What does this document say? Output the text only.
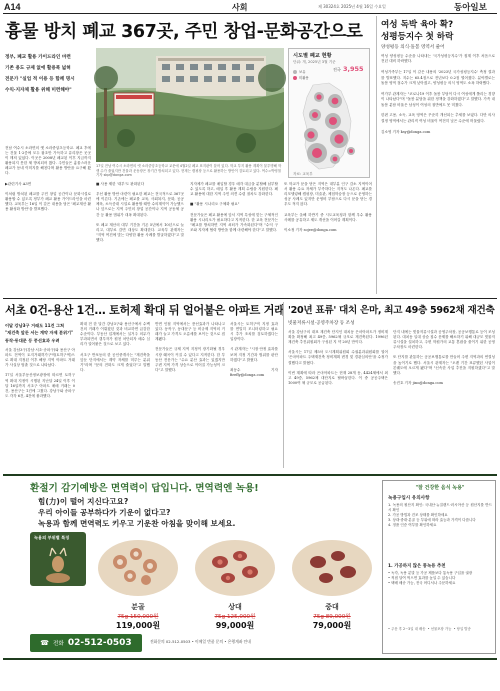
A14	사회	제 30324호 2025년 4월 16일 수요일	동아일보
흉물 방치 폐교 367곳, 주민 창업-문화공간으로
정부, 폐교 활용 가이드라인 마련
기존 용도 규제 없애 활용폭 넓혀
전문가 "실업 적 이용 등 함께 명시
수익·지자체 활용 위해 미련해야"
17일 전남 여수시 소라면의 옛 소라중앙초등학교 교문에 4월2일 폐교 표지판이 붙어 있다. 학교 부지 활용 계획이 불투명해 학생 수가 줄었지만 건물과 운동장은 장기간 방치되고 있다. 현재는 캠핑장 등으로 활용하는 방안이 검토되고 있다. 여수=박영철 기자 skp@donga.com
전남 여수시 소라면의 옛 소라중앙초등학교. 폐교 후에는 건물 1·2층에 모두 잡초만 가득하고 유리창은 곳곳이 깨져 있었다. 이곳은 2008년 폐교된 이후 지금까지 활용되지 못한 채 방치되어 왔다. 주민들은 흉물스러운 폐교가 동네 이미지를 해친다며 활용 방안을 요구해 왔다.

▶관련기사 A3면

이처럼 방치된 폐교를 주민 창업 공간이나 문화시설로 활용할 수 있도록 정부가 폐교 활용 가이드라인을 마련했다. 교육부는 16일 이 같은 내용을 담은 '폐교재산 활용 활성화 방안'을 발표했다.
■ 사용 제한 '대부'도 완화된다

우선 활용 방안 마련이 필요한 폐교는 전국적으로 367곳에 이른다. 기존에는 폐교를 교육, 사회복지, 문화, 공공체육, 소득증대 시설로 활용할 때만 수의계약이 가능했으나 앞으로는 지역 주민의 창업 공간이나 지역 공동체 공간 등 활용 범위가 대폭 확대된다.

또 폐교 재산의 대부 기간을 기존 5년에서 10년으로 늘리고, 대부료 감면 대상도 확대한다. 교육부 관계자는 "지역 여건에 맞는 다양한 활용 사례를 발굴하겠다"고 말했다.
지자체가 폐교를 매입할 경우 매각 대금을 분할해 납부할 수 있도록 하고, 매입 후 활용 계획 수립을 지원한다. 폐교 활용에 대한 지역 주민 의견 수렴 절차도 강화한다.

■ "활용 시나리오 구체화 필요"

전문가들은 폐교 활용에 앞서 지역 특성에 맞는 구체적인 활용 시나리오가 필요하다고 지적한다. 한 교육 전문가는 "폐교를 방치하면 지역 쇠퇴가 가속화된다"며 "수익 구조와 지자체 협력 방안을 함께 마련해야 한다"고 말했다.
또 학교가 문을 닫은 지역은 대부분 인구 감소 지역이어서 활용 수요 자체가 부족하다는 지적도 나온다. 폐교를 리모델링해 캠핑장, 미술관, 체험학습장 등으로 운영하는 성공 사례도 있지만 운영비 부담으로 다시 문을 닫는 경우도 적지 않다.

교육부는 올해 하반기 중 시도교육청과 함께 우수 활용 사례를 공유하고 제도 개선을 이어갈 계획이다.

이소정 기자 sojee@donga.com
시도별 폐교 현황
단위: 개, 2025년 3월 기준
전국 3,955
보유
미활용
자료: 교육부
여성 독박 육아 확?
성평등지수 첫 하락
양성평등 의식·돌봄 영역서 줄어
여성 양성평등 수준을 나타내는 '국가성평등지수'가 집계 이후 처음으로 전년 대비 하락했다.

여성가족부는 17일 이 같은 내용의 '2023년 국가성평등지수' 측정 결과를 발표했다. 지수는 65.4점으로 전년보다 0.2점 떨어졌다. 분야별로는 돌봄 영역 점수가 크게 낮아졌고, 양성평등 의식 영역도 소폭 하락했다.

여가부 관계자는 "코로나19 이후 돌봄 부담이 다시 여성에게 쏠리는 경향이 나타났다"며 "돌봄 분담을 위한 정책을 강화하겠다"고 말했다. 가족 내 돌봄 분담 비율은 남성이 여성의 절반에도 못 미쳤다.

한편 고용, 소득, 교육 영역은 꾸준히 개선되는 추세를 보였다. 다만 의사결정 영역에서는 관리직 여성 비율이 여전히 낮은 수준에 머물렀다.

김소영 기자 ksy@donga.com
서초 0건-용산 1건… 토허제 확대 뒤 얼어붙은 아파트 거래
이달 강남3구 거래도 11건 그쳐
"재건축 앞둔 서는 계약 자제 분위기"
동작·동대문 등 풍선효과 우려
서울 강남3구(강남·서초·송파구)와 용산구 아파트 전역이 토지거래허가구역(토허구역)으로 확대 지정된 이후 해당 지역 아파트 거래가 사실상 멈춘 것으로 나타났다.

17일 서울부동산정보광장에 따르면 토허구역 확대 지정이 시행된 지난달 24일 이후 이달 16일까지 서초구 아파트 매매 거래는 0건, 용산구는 1건에 그쳤다. 강남구와 송파구도 각각 6건, 4건에 불과했다.
확대 전 한 달간 강남3구와 용산구에서 수백 건의 거래가 이뤄졌던 것과 비교하면 급감한 수준이다. 부동산 업계에서는 실거주 의무가 부과되면서 갭투자가 원천 차단되자 매수 심리가 얼어붙은 것으로 보고 있다.

서초구 반포동의 한 공인중개사는 "재건축을 앞둔 단지에서는 계약 자체를 미루는 분위기"라며 "문의 전화도 크게 줄었다"고 말했다.
반면 인접 지역에서는 풍선효과가 나타나고 있다. 동작구, 동대문구 등 비규제 지역의 거래가 늘고 가격도 오름세를 보이는 것으로 집계됐다.

전문가들은 규제 지역 지정이 장기화될 경우 시장 왜곡이 커질 수 있다고 지적한다. 한 부동산 전문가는 "수요 분산 효과는 있겠지만 주변 지역 가격 상승으로 이어질 가능성이 크다"고 말했다.
서울시는 토허구역 지정 효과를 면밀히 모니터링하고 필요시 추가 조치를 검토하겠다는 입장이다.

시 관계자는 "시장 안정 효과를 보며 지정 기간과 범위를 판단하겠다"고 밝혔다.

최동수 기자 firefly@donga.com
'20년 표류' 대치 은마, 최고 49층 5962채 재건축
빗물저류시설·공영주차장 등 조성
서울 강남구의 대표 재건축 단지인 대치동 은마아파트가 정비계획을 확정해 최고 49층, 5962채 규모로 재건축된다. 1996년 재건축 추진위원회가 구성된 지 약 20년 만이다.

서울시는 17일 제5차 도시계획위원회 수권분과위원회를 열어 '은마아파트 주택재건축 정비계획 변경 및 경관심의안'을 수정가결했다고 밝혔다.

이번 계획에 따라 은마아파트는 현재 28개 동, 4424채에서 최고 49층, 5962채 대단지로 탈바꿈한다. 이 중 공공주택은 1000여 채 규모로 공급된다.
단지 내에는 빗물저류시설과 공영주차장, 공공보행통로 등이 조성된다. 대치동 일대 상습 침수 문제를 해소하기 위해 대규모 빗물저류시설을 설치하고, 주변 학원가의 교통 혼잡을 줄이기 위한 공영주차장도 마련한다.

또 단지를 관통하는 공공보행통로를 만들어 주변 지역과의 연결성을 높이기로 했다. 서울시 관계자는 "오랜 기간 표류했던 사업이 본궤도에 오르게 됐다"며 "신속한 사업 추진을 지원하겠다"고 말했다.

송진호 기자 jino@donga.com
환절기 감기예방은 면역력이 답입니다. 면역력엔 녹용!
힘(力)이 떨어 지신다고요?
우리 아이들 공부하다가 기운이 없다고?
녹용과 함께 면역력도 키우고 기운찬 아침을 맞이해 보세요.
녹용의 부위별 특징
분골
75g 150,000원
119,000원
상대
75g 125,000원
99,000원
중대
75g 89,000원
79,000원
☎ 전화 02-512-0503	전화문의 02-512-0503 • 이메일 반품 문의 • 은행계좌 안내
"잘 건강한 음식 녹용"
녹용구입시 유의사항
1. 녹용의 원산지 확인: 국내산·뉴질랜드·러시아산 등 원산지를 반드시 확인
2. 가공 방법과 건조 상태를 확인하세요
3. 상대·중대·분골 등 부위에 따라 효능과 가격이 다릅니다
4. 정품 인증 여부를 확인하세요
1. 가공하지 않은 통녹용 추천
• 녹각, 녹용 분말 등 가공 제품보다 통녹용 구입을 권장
• 직접 달여 먹으면 효과를 높일 수 있습니다
• 택배 배송 가능, 전국 어디서나 주문하세요
• 주문 후 2~3일 내 배송  • 선물포장 가능  • 당일 발송
